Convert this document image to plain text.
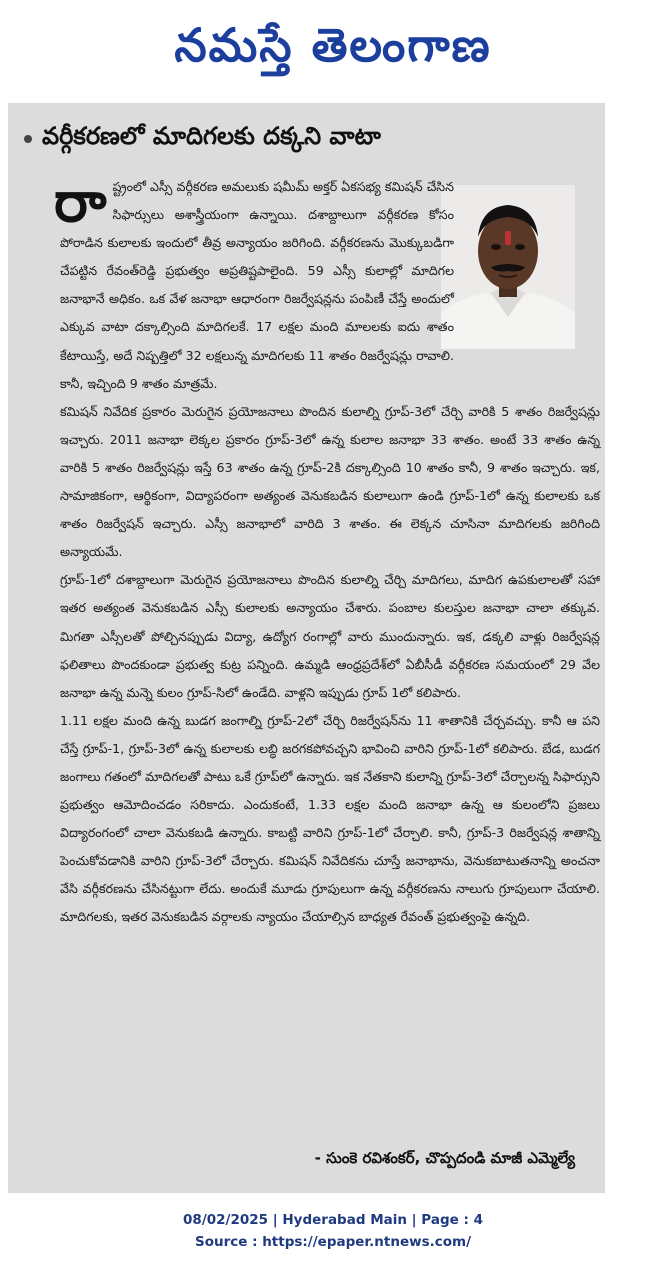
నమస్తే తెలంగాణ
వర్గీకరణలో మాదిగలకు దక్కని వాటా

రాష్ట్రంలో ఎస్సీ వర్గీకరణ అమలుకు షమీమ్ అక్తర్ ఏకసభ్య కమిషన్ చేసిన సిఫార్సులు అశాస్త్రీయంగా ఉన్నాయి. దశాబ్దాలుగా వర్గీకరణ కోసం పోరాడిన కులాలకు ఇందులో తీవ్ర అన్యాయం జరిగింది. వర్గీకరణను మొక్కుబడిగా చేపట్టిన రేవంత్‌రెడ్డి ప్రభుత్వం అప్రతిష్టపాలైంది. 59 ఎస్సీ కులాల్లో మాదిగల జనాభానే అధికం. ఒక వేళ జనాభా ఆధారంగా రిజర్వేషన్లను పంపిణీ చేస్తే అందులో ఎక్కువ వాటా దక్కాల్సింది మాదిగలకే. 17 లక్షల మంది మాలలకు ఐదు శాతం కేటాయిస్తే, అదే నిష్పత్తిలో 32 లక్షలున్న మాదిగలకు 11 శాతం రిజర్వేషన్లు రావాలి. కానీ, ఇచ్చింది 9 శాతం మాత్రమే.

కమిషన్ నివేదిక ప్రకారం మెరుగైన ప్రయోజనాలు పొందిన కులాల్ని గ్రూప్-3లో చేర్చి వారికి 5 శాతం రిజర్వేషన్లు ఇచ్చారు. 2011 జనాభా లెక్కల ప్రకారం గ్రూప్-3లో ఉన్న కులాల జనాభా 33 శాతం. అంటే 33 శాతం ఉన్న వారికి 5 శాతం రిజర్వేషన్లు ఇస్తే 63 శాతం ఉన్న గ్రూప్-2కి దక్కాల్సింది 10 శాతం కానీ, 9 శాతం ఇచ్చారు. ఇక, సామాజికంగా, ఆర్థికంగా, విద్యాపరంగా అత్యంత వెనుకబడిన కులాలుగా ఉండి గ్రూప్-1లో ఉన్న కులాలకు ఒక శాతం రిజర్వేషన్ ఇచ్చారు. ఎస్సీ జనాభాలో వారిది 3 శాతం. ఈ లెక్కన చూసినా మాదిగలకు జరిగింది అన్యాయమే.

గ్రూప్-1లో దశాబ్దాలుగా మెరుగైన ప్రయోజనాలు పొందిన కులాల్ని చేర్చి మాదిగలు, మాదిగ ఉపకులాలతో సహా ఇతర అత్యంత వెనుకబడిన ఎస్సీ కులాలకు అన్యాయం చేశారు. పంబాల కులస్తుల జనాభా చాలా తక్కువ. మిగతా ఎస్సీలతో పోల్చినప్పుడు విద్యా, ఉద్యోగ రంగాల్లో వారు ముందున్నారు. ఇక, డక్కలి వాళ్లు రిజర్వేషన్ల ఫలితాలు పొందకుండా ప్రభుత్వ కుట్ర పన్నింది. ఉమ్మడి ఆంధ్రప్రదేశ్‌లో ఏబీసీడీ వర్గీకరణ సమయంలో 29 వేల జనాభా ఉన్న మన్నె కులం గ్రూప్-సిలో ఉండేది. వాళ్లని ఇప్పుడు గ్రూప్ 1లో కలిపారు.

1.11 లక్షల మంది ఉన్న బుడగ జంగాల్ని గ్రూప్-2లో చేర్చి రిజర్వేషన్‌ను 11 శాతానికి చేర్చవచ్చు. కానీ ఆ పని చేస్తే గ్రూప్-1, గ్రూప్-3లో ఉన్న కులాలకు లబ్ధి జరగకపోవచ్చని భావించి వారిని గ్రూప్-1లో కలిపారు. బేడ, బుడగ జంగాలు గతంలో మాదిగలతో పాటు ఒకే గ్రూప్‌లో ఉన్నారు. ఇక నేతకాని కులాన్ని గ్రూప్-3లో చేర్చాలన్న సిఫార్సుని ప్రభుత్వం ఆమోదించడం సరికాదు. ఎందుకంటే, 1.33 లక్షల మంది జనాభా ఉన్న ఆ కులంలోని ప్రజలు విద్యారంగంలో చాలా వెనుకబడి ఉన్నారు. కాబట్టి వారిని గ్రూప్-1లో చేర్చాలి. కానీ, గ్రూప్-3 రిజర్వేషన్ల శాతాన్ని పెంచుకోవడానికి వారిని గ్రూప్-3లో చేర్చారు. కమిషన్ నివేదికను చూస్తే జనాభాను, వెనుకబాటుతనాన్ని అంచనా వేసి వర్గీకరణను చేసినట్టుగా లేదు. అందుకే మూడు గ్రూపులుగా ఉన్న వర్గీకరణను నాలుగు గ్రూపులుగా చేయాలి. మాదిగలకు, ఇతర వెనుకబడిన వర్గాలకు న్యాయం చేయాల్సిన బాధ్యత రేవంత్ ప్రభుత్వంపై ఉన్నది.

- సుంకె రవిశంకర్, చొప్పదండి మాజీ ఎమ్మెల్యే
08/02/2025 | Hyderabad Main | Page : 4
Source : https://epaper.ntnews.com/
